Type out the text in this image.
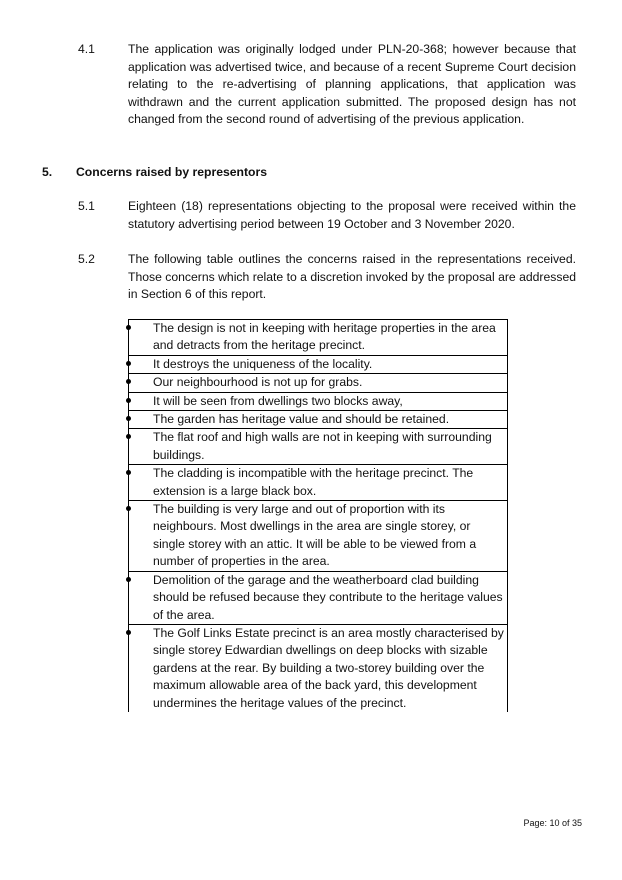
4.1	The application was originally lodged under PLN-20-368; however because that application was advertised twice, and because of a recent Supreme Court decision relating to the re-advertising of planning applications, that application was withdrawn and the current application submitted. The proposed design has not changed from the second round of advertising of the previous application.
5. Concerns raised by representors
5.1	Eighteen (18) representations objecting to the proposal were received within the statutory advertising period between 19 October and 3 November 2020.
5.2	The following table outlines the concerns raised in the representations received. Those concerns which relate to a discretion invoked by the proposal are addressed in Section 6 of this report.
The design is not in keeping with heritage properties in the area and detracts from the heritage precinct.

It destroys the uniqueness of the locality.

Our neighbourhood is not up for grabs.

It will be seen from dwellings two blocks away,

The garden has heritage value and should be retained.

The flat roof and high walls are not in keeping with surrounding buildings.

The cladding is incompatible with the heritage precinct. The extension is a large black box.

The building is very large and out of proportion with its neighbours. Most dwellings in the area are single storey, or single storey with an attic. It will be able to be viewed from a number of properties in the area.

Demolition of the garage and the weatherboard clad building should be refused because they contribute to the heritage values of the area.

The Golf Links Estate precinct is an area mostly characterised by single storey Edwardian dwellings on deep blocks with sizable gardens at the rear. By building a two-storey building over the maximum allowable area of the back yard, this development undermines the heritage values of the precinct.
Page: 10 of 35
